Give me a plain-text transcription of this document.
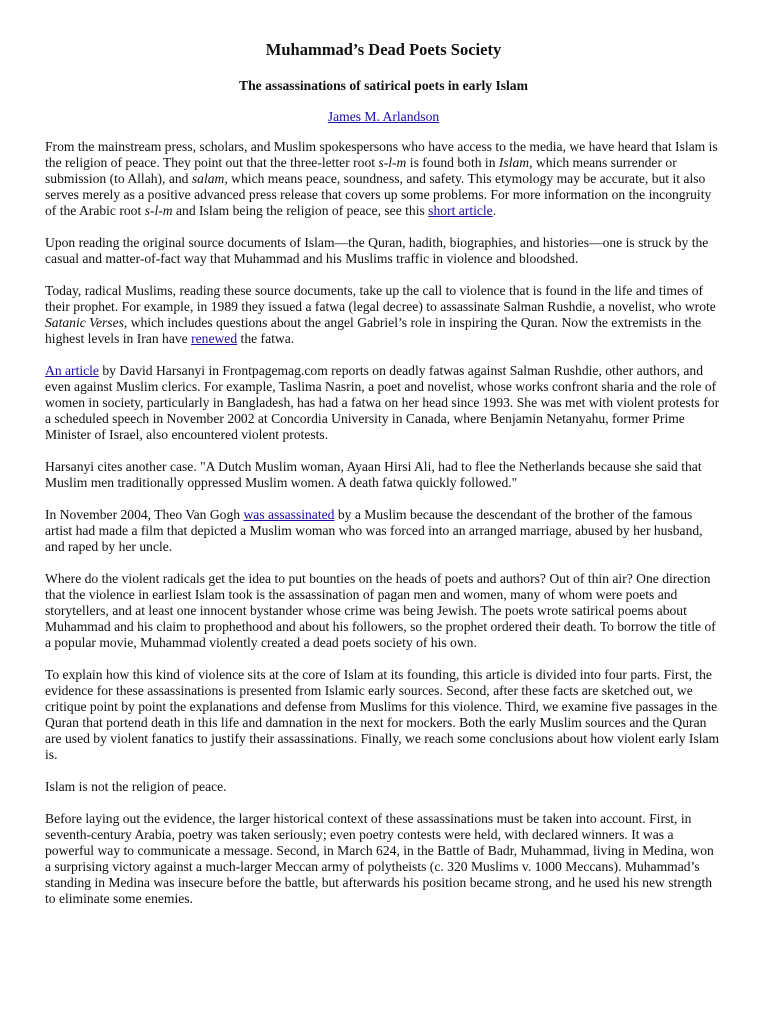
Muhammad’s Dead Poets Society
The assassinations of satirical poets in early Islam
James M. Arlandson

From the mainstream press, scholars, and Muslim spokespersons who have access to the media, we have heard that Islam is the religion of peace. They point out that the three-letter root s-l-m is found both in Islam, which means surrender or submission (to Allah), and salam, which means peace, soundness, and safety. This etymology may be accurate, but it also serves merely as a positive advanced press release that covers up some problems. For more information on the incongruity of the Arabic root s-l-m and Islam being the religion of peace, see this short article.

Upon reading the original source documents of Islam—the Quran, hadith, biographies, and histories—one is struck by the casual and matter-of-fact way that Muhammad and his Muslims traffic in violence and bloodshed.

Today, radical Muslims, reading these source documents, take up the call to violence that is found in the life and times of their prophet. For example, in 1989 they issued a fatwa (legal decree) to assassinate Salman Rushdie, a novelist, who wrote Satanic Verses, which includes questions about the angel Gabriel’s role in inspiring the Quran. Now the extremists in the highest levels in Iran have renewed the fatwa.

An article by David Harsanyi in Frontpagemag.com reports on deadly fatwas against Salman Rushdie, other authors, and even against Muslim clerics. For example, Taslima Nasrin, a poet and novelist, whose works confront sharia and the role of women in society, particularly in Bangladesh, has had a fatwa on her head since 1993. She was met with violent protests for a scheduled speech in November 2002 at Concordia University in Canada, where Benjamin Netanyahu, former Prime Minister of Israel, also encountered violent protests.

Harsanyi cites another case. "A Dutch Muslim woman, Ayaan Hirsi Ali, had to flee the Netherlands because she said that Muslim men traditionally oppressed Muslim women. A death fatwa quickly followed."

In November 2004, Theo Van Gogh was assassinated by a Muslim because the descendant of the brother of the famous artist had made a film that depicted a Muslim woman who was forced into an arranged marriage, abused by her husband, and raped by her uncle.

Where do the violent radicals get the idea to put bounties on the heads of poets and authors? Out of thin air? One direction that the violence in earliest Islam took is the assassination of pagan men and women, many of whom were poets and storytellers, and at least one innocent bystander whose crime was being Jewish. The poets wrote satirical poems about Muhammad and his claim to prophethood and about his followers, so the prophet ordered their death. To borrow the title of a popular movie, Muhammad violently created a dead poets society of his own.

To explain how this kind of violence sits at the core of Islam at its founding, this article is divided into four parts. First, the evidence for these assassinations is presented from Islamic early sources. Second, after these facts are sketched out, we critique point by point the explanations and defense from Muslims for this violence. Third, we examine five passages in the Quran that portend death in this life and damnation in the next for mockers. Both the early Muslim sources and the Quran are used by violent fanatics to justify their assassinations. Finally, we reach some conclusions about how violent early Islam is.

Islam is not the religion of peace.

Before laying out the evidence, the larger historical context of these assassinations must be taken into account. First, in seventh-century Arabia, poetry was taken seriously; even poetry contests were held, with declared winners. It was a powerful way to communicate a message. Second, in March 624, in the Battle of Badr, Muhammad, living in Medina, won a surprising victory against a much-larger Meccan army of polytheists (c. 320 Muslims v. 1000 Meccans). Muhammad’s standing in Medina was insecure before the battle, but afterwards his position became strong, and he used his new strength to eliminate some enemies.
